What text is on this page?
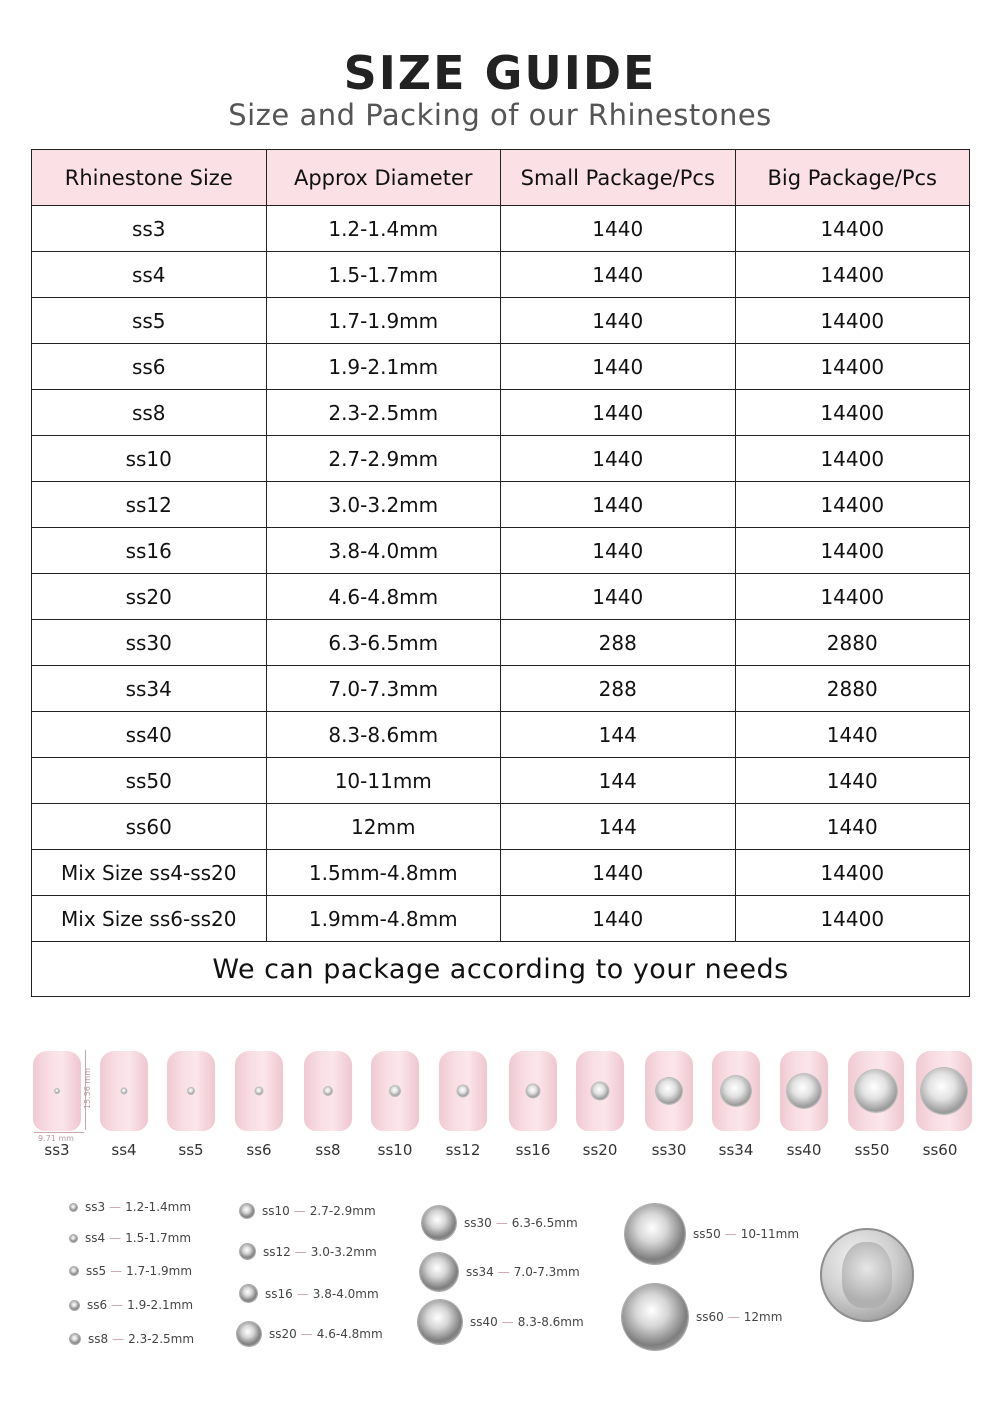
SIZE GUIDE
Size and Packing of our Rhinestones
Rhinestone Size	Approx Diameter	Small Package/Pcs	Big Package/Pcs
ss3	1.2-1.4mm	1440	14400
ss4	1.5-1.7mm	1440	14400
ss5	1.7-1.9mm	1440	14400
ss6	1.9-2.1mm	1440	14400
ss8	2.3-2.5mm	1440	14400
ss10	2.7-2.9mm	1440	14400
ss12	3.0-3.2mm	1440	14400
ss16	3.8-4.0mm	1440	14400
ss20	4.6-4.8mm	1440	14400
ss30	6.3-6.5mm	288	2880
ss34	7.0-7.3mm	288	2880
ss40	8.3-8.6mm	144	1440
ss50	10-11mm	144	1440
ss60	12mm	144	1440
Mix Size ss4-ss20	1.5mm-4.8mm	1440	14400
Mix Size ss6-ss20	1.9mm-4.8mm	1440	14400
We can package according to your needs			
ss3	ss4	ss5	ss6	ss8	ss10	ss12	ss16	ss20	ss30	ss34	ss40	ss50	ss60
15.56 mm
9.71 mm
ss3 — 1.2-1.4mm
ss4 — 1.5-1.7mm
ss5 — 1.7-1.9mm
ss6 — 1.9-2.1mm
ss8 — 2.3-2.5mm
ss10 — 2.7-2.9mm
ss12 — 3.0-3.2mm
ss16 — 3.8-4.0mm
ss20 — 4.6-4.8mm
ss30 — 6.3-6.5mm
ss34 — 7.0-7.3mm
ss40 — 8.3-8.6mm
ss50 — 10-11mm
ss60 — 12mm
